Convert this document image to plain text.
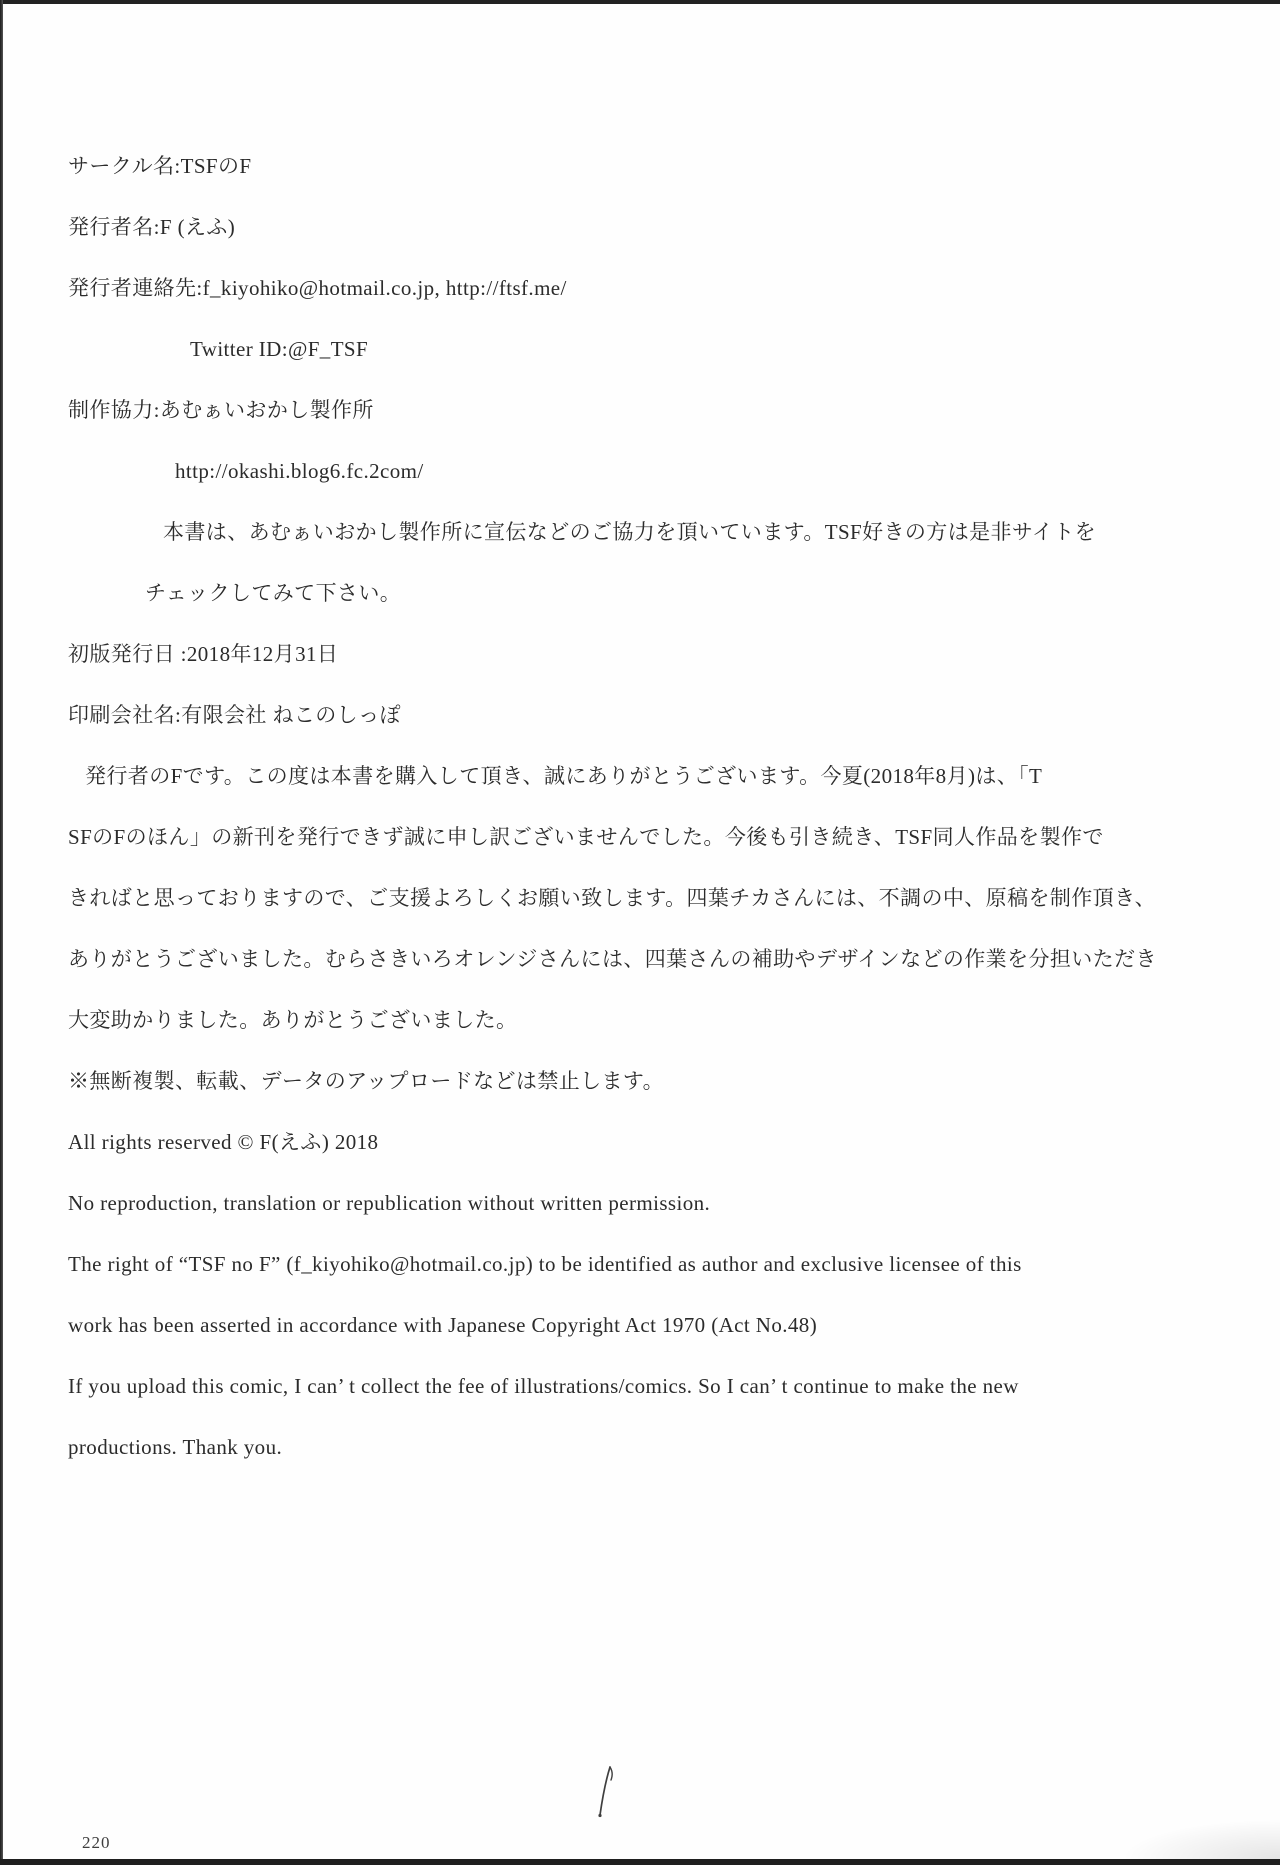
サークル名:TSFのF
発行者名:F (えふ)
発行者連絡先:f_kiyohiko@hotmail.co.jp, http://ftsf.me/
Twitter ID:@F_TSF
制作協力:あむぁいおかし製作所
http://okashi.blog6.fc.2com/
本書は、あむぁいおかし製作所に宣伝などのご協力を頂いています。TSF好きの方は是非サイトを
チェックしてみて下さい。
初版発行日 :2018年12月31日
印刷会社名:有限会社 ねこのしっぽ
発行者のFです。この度は本書を購入して頂き、誠にありがとうございます。今夏(2018年8月)は、「T
SFのFのほん」の新刊を発行できず誠に申し訳ございませんでした。今後も引き続き、TSF同人作品を製作で
きればと思っておりますので、ご支援よろしくお願い致します。四葉チカさんには、不調の中、原稿を制作頂き、
ありがとうございました。むらさきいろオレンジさんには、四葉さんの補助やデザインなどの作業を分担いただき
大変助かりました。ありがとうございました。
※無断複製、転載、データのアップロードなどは禁止します。
All rights reserved © F(えふ) 2018
No reproduction, translation or republication without written permission.
The right of “TSF no F” (f_kiyohiko@hotmail.co.jp) to be identified as author and exclusive licensee of this
work has been asserted in accordance with Japanese Copyright Act 1970 (Act No.48)
If you upload this comic, I can’ t collect the fee of illustrations/comics. So I can’ t continue to make the new
productions. Thank you.
220
